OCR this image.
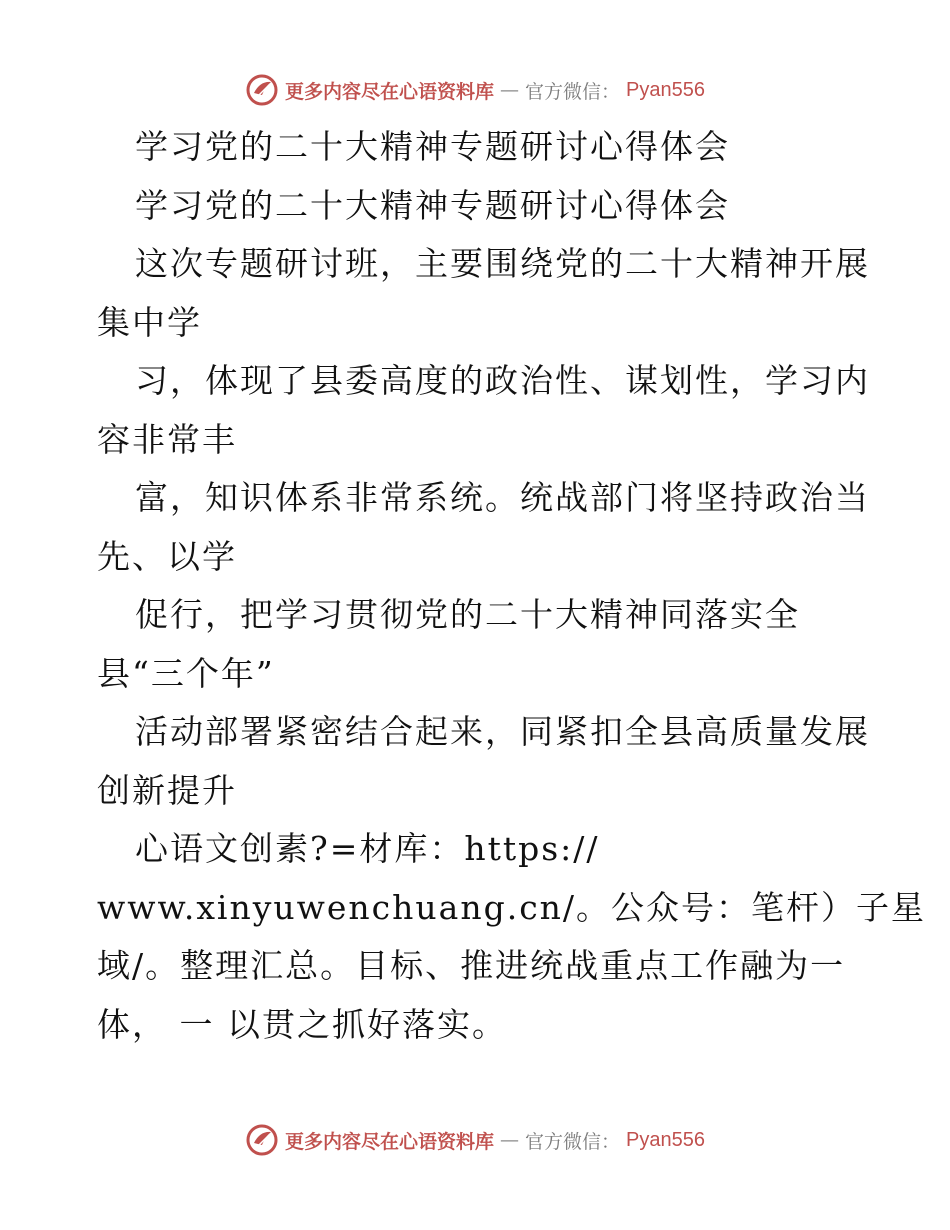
更多内容尽在心语资料库 — 官方微信： Pyan556
学习党的二十大精神专题研讨心得体会
学习党的二十大精神专题研讨心得体会
这次专题研讨班，主要围绕党的二十大精神开展
集中学
习，体现了县委高度的政治性、谋划性，学习内
容非常丰
富，知识体系非常系统。统战部门将坚持政治当
先、以学
促行，把学习贯彻党的二十大精神同落实全
县“三个年”
活动部署紧密结合起来，同紧扣全县高质量发展
创新提升
心语文创素?=材库：https://
www.xinyuwenchuang.cn/。公众号：笔杆）子星
域/。整理汇总。目标、推进统战重点工作融为一
体， 一 以贯之抓好落实。
更多内容尽在心语资料库 — 官方微信： Pyan556
